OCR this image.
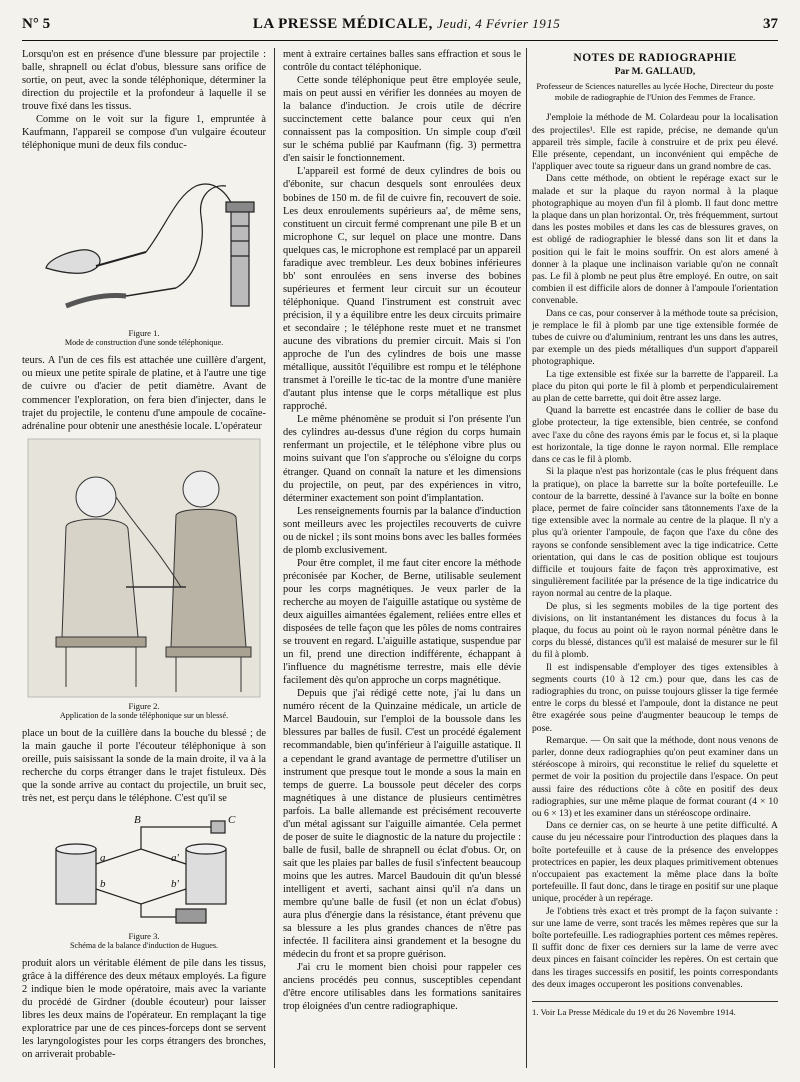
N° 5	LA PRESSE MÉDICALE, Jeudi, 4 Février 1915	37

Lorsqu'on est en présence d'une blessure par projectile : balle, shrapnell ou éclat d'obus, blessure sans orifice de sortie, on peut, avec la sonde téléphonique, déterminer la direction du projectile et la profondeur à laquelle il se trouve fixé dans les tissus.

Comme on le voit sur la figure 1, empruntée à Kaufmann, l'appareil se compose d'un vulgaire écouteur téléphonique muni de deux fils conduc-

Figure 1.
Mode de construction d'une sonde téléphonique.

teurs. A l'un de ces fils est attachée une cuillère d'argent, ou mieux une petite spirale de platine, et à l'autre une tige de cuivre ou d'acier de petit diamètre. Avant de commencer l'exploration, on fera bien d'injecter, dans le trajet du projectile, le contenu d'une ampoule de cocaïne-adrénaline pour obtenir une anesthésie locale. L'opérateur

Figure 2.
Application de la sonde téléphonique sur un blessé.

place un bout de la cuillère dans la bouche du blessé ; de la main gauche il porte l'écouteur téléphonique à son oreille, puis saisissant la sonde de la main droite, il va à la recherche du corps étranger dans le trajet fistuleux. Dès que la sonde arrive au contact du projectile, un bruit sec, très net, est perçu dans le téléphone. C'est qu'il se

B	C
a
b
a'
b'
Figure 3.
Schéma de la balance d'induction de Hugues.

produit alors un véritable élément de pile dans les tissus, grâce à la différence des deux métaux employés. La figure 2 indique bien le mode opératoire, mais avec la variante du procédé de Girdner (double écouteur) pour laisser libres les deux mains de l'opérateur. En remplaçant la tige exploratrice par une de ces pinces-forceps dont se servent les laryngologistes pour les corps étrangers des bronches, on arriverait probable-

ment à extraire certaines balles sans effraction et sous le contrôle du contact téléphonique.

Cette sonde téléphonique peut être employée seule, mais on peut aussi en vérifier les données au moyen de la balance d'induction. Je crois utile de décrire succinctement cette balance pour ceux qui n'en connaissent pas la composition. Un simple coup d'œil sur le schéma publié par Kaufmann (fig. 3) permettra d'en saisir le fonctionnement.

L'appareil est formé de deux cylindres de bois ou d'ébonite, sur chacun desquels sont enroulées deux bobines de 150 m. de fil de cuivre fin, recouvert de soie. Les deux enroulements supérieurs aa', de même sens, constituent un circuit fermé comprenant une pile B et un microphone C, sur lequel on place une montre. Dans quelques cas, le microphone est remplacé par un appareil faradique avec trembleur. Les deux bobines inférieures bb' sont enroulées en sens inverse des bobines supérieures et ferment leur circuit sur un écouteur téléphonique. Quand l'instrument est construit avec précision, il y a équilibre entre les deux circuits primaire et secondaire ; le téléphone reste muet et ne transmet aucune des vibrations du premier circuit. Mais si l'on approche de l'un des cylindres de bois une masse métallique, aussitôt l'équilibre est rompu et le téléphone transmet à l'oreille le tic-tac de la montre d'une manière d'autant plus intense que le corps métallique est plus rapproché.

Le même phénomène se produit si l'on présente l'un des cylindres au-dessus d'une région du corps humain renfermant un projectile, et le téléphone vibre plus ou moins suivant que l'on s'approche ou s'éloigne du corps étranger. Quand on connaît la nature et les dimensions du projectile, on peut, par des expériences in vitro, déterminer exactement son point d'implantation.

Les renseignements fournis par la balance d'induction sont meilleurs avec les projectiles recouverts de cuivre ou de nickel ; ils sont moins bons avec les balles formées de plomb exclusivement.

Pour être complet, il me faut citer encore la méthode préconisée par Kocher, de Berne, utilisable seulement pour les corps magnétiques. Je veux parler de la recherche au moyen de l'aiguille astatique ou système de deux aiguilles aimantées également, reliées entre elles et disposées de telle façon que les pôles de noms contraires se trouvent en regard. L'aiguille astatique, suspendue par un fil, prend une direction indifférente, échappant à l'influence du magnétisme terrestre, mais elle dévie facilement dès qu'on approche un corps magnétique.

Depuis que j'ai rédigé cette note, j'ai lu dans un numéro récent de la Quinzaine médicale, un article de Marcel Baudouin, sur l'emploi de la boussole dans les blessures par balles de fusil. C'est un procédé également recommandable, bien qu'inférieur à l'aiguille astatique. Il a cependant le grand avantage de permettre d'utiliser un instrument que presque tout le monde a sous la main en temps de guerre. La boussole peut déceler des corps magnétiques à une distance de plusieurs centimètres parfois. La balle allemande est précisément recouverte d'un métal agissant sur l'aiguille aimantée. Cela permet de poser de suite le diagnostic de la nature du projectile : balle de fusil, balle de shrapnell ou éclat d'obus. Or, on sait que les plaies par balles de fusil s'infectent beaucoup moins que les autres. Marcel Baudouin dit qu'un blessé intelligent et averti, sachant ainsi qu'il n'a dans un membre qu'une balle de fusil (et non un éclat d'obus) aura plus d'énergie dans la résistance, étant prévenu que sa blessure a les plus grandes chances de n'être pas infectée. Il facilitera ainsi grandement et la besogne du médecin du front et sa propre guérison.

J'ai cru le moment bien choisi pour rappeler ces anciens procédés peu connus, susceptibles cependant d'être encore utilisables dans les formations sanitaires trop éloignées d'un centre radiographique.

NOTES DE RADIOGRAPHIE
Par M. GALLAUD,
Professeur de Sciences naturelles au lycée Hoche, Directeur du poste mobile de radiographie de l'Union des Femmes de France.

J'emploie la méthode de M. Colardeau pour la localisation des projectiles¹. Elle est rapide, précise, ne demande qu'un appareil très simple, facile à construire et de prix peu élevé. Elle présente, cependant, un inconvénient qui empêche de l'appliquer avec toute sa rigueur dans un grand nombre de cas.

Dans cette méthode, on obtient le repérage exact sur le malade et sur la plaque du rayon normal à la plaque photographique au moyen d'un fil à plomb. Il faut donc mettre la plaque dans un plan horizontal. Or, très fréquemment, surtout dans les postes mobiles et dans les cas de blessures graves, on est obligé de radiographier le blessé dans son lit et dans la position qui le fait le moins souffrir. On est alors amené à donner à la plaque une inclinaison variable qu'on ne connaît pas. Le fil à plomb ne peut plus être employé. En outre, on sait combien il est difficile alors de donner à l'ampoule l'orientation convenable.

Dans ce cas, pour conserver à la méthode toute sa précision, je remplace le fil à plomb par une tige extensible formée de tubes de cuivre ou d'aluminium, rentrant les uns dans les autres, par exemple un des pieds métalliques d'un support d'appareil photographique.

La tige extensible est fixée sur la barrette de l'appareil. La place du piton qui porte le fil à plomb et perpendiculairement au plan de cette barrette, qui doit être assez large.

Quand la barrette est encastrée dans le collier de base du globe protecteur, la tige extensible, bien centrée, se confond avec l'axe du cône des rayons émis par le focus et, si la plaque est horizontale, la tige donne le rayon normal. Elle remplace dans ce cas le fil à plomb.

Si la plaque n'est pas horizontale (cas le plus fréquent dans la pratique), on place la barrette sur la boîte portefeuille. Le contour de la barrette, dessiné à l'avance sur la boîte en bonne place, permet de faire coïncider sans tâtonnements l'axe de la tige extensible avec la normale au centre de la plaque. Il n'y a plus qu'à orienter l'ampoule, de façon que l'axe du cône des rayons se confonde sensiblement avec la tige indicatrice. Cette orientation, qui dans le cas de position oblique est toujours difficile et toujours faite de façon très approximative, est singulièrement facilitée par la présence de la tige indicatrice du rayon normal au centre de la plaque.

De plus, si les segments mobiles de la tige portent des divisions, on lit instantanément les distances du focus à la plaque, du focus au point où le rayon normal pénètre dans le corps du blessé, distances qu'il est malaisé de mesurer sur le fil du fil à plomb.

Il est indispensable d'employer des tiges extensibles à segments courts (10 à 12 cm.) pour que, dans les cas de radiographies du tronc, on puisse toujours glisser la tige fermée entre le corps du blessé et l'ampoule, dont la distance ne peut être exagérée sous peine d'augmenter beaucoup le temps de pose.

Remarque. — On sait que la méthode, dont nous venons de parler, donne deux radiographies qu'on peut examiner dans un stéréoscope à miroirs, qui reconstitue le relief du squelette et permet de voir la position du projectile dans l'espace. On peut aussi faire des réductions côte à côte en positif des deux radiographies, sur une même plaque de format courant (4 × 10 ou 6 × 13) et les examiner dans un stéréoscope ordinaire.

Dans ce dernier cas, on se heurte à une petite difficulté. A cause du jeu nécessaire pour l'introduction des plaques dans la boîte portefeuille et à cause de la présence des enveloppes protectrices en papier, les deux plaques primitivement obtenues n'occupaient pas exactement la même place dans la boîte portefeuille. Il faut donc, dans le tirage en positif sur une plaque unique, procéder à un repérage.

Je l'obtiens très exact et très prompt de la façon suivante : sur une lame de verre, sont tracés les mêmes repères que sur la boîte portefeuille. Les radiographies portent ces mêmes repères. Il suffit donc de fixer ces derniers sur la lame de verre avec deux pinces en faisant coïncider les repères. On est certain que dans les tirages successifs en positif, les points correspondants des deux images occuperont les positions convenables.

1. Voir La Presse Médicale du 19 et du 26 Novembre 1914.
